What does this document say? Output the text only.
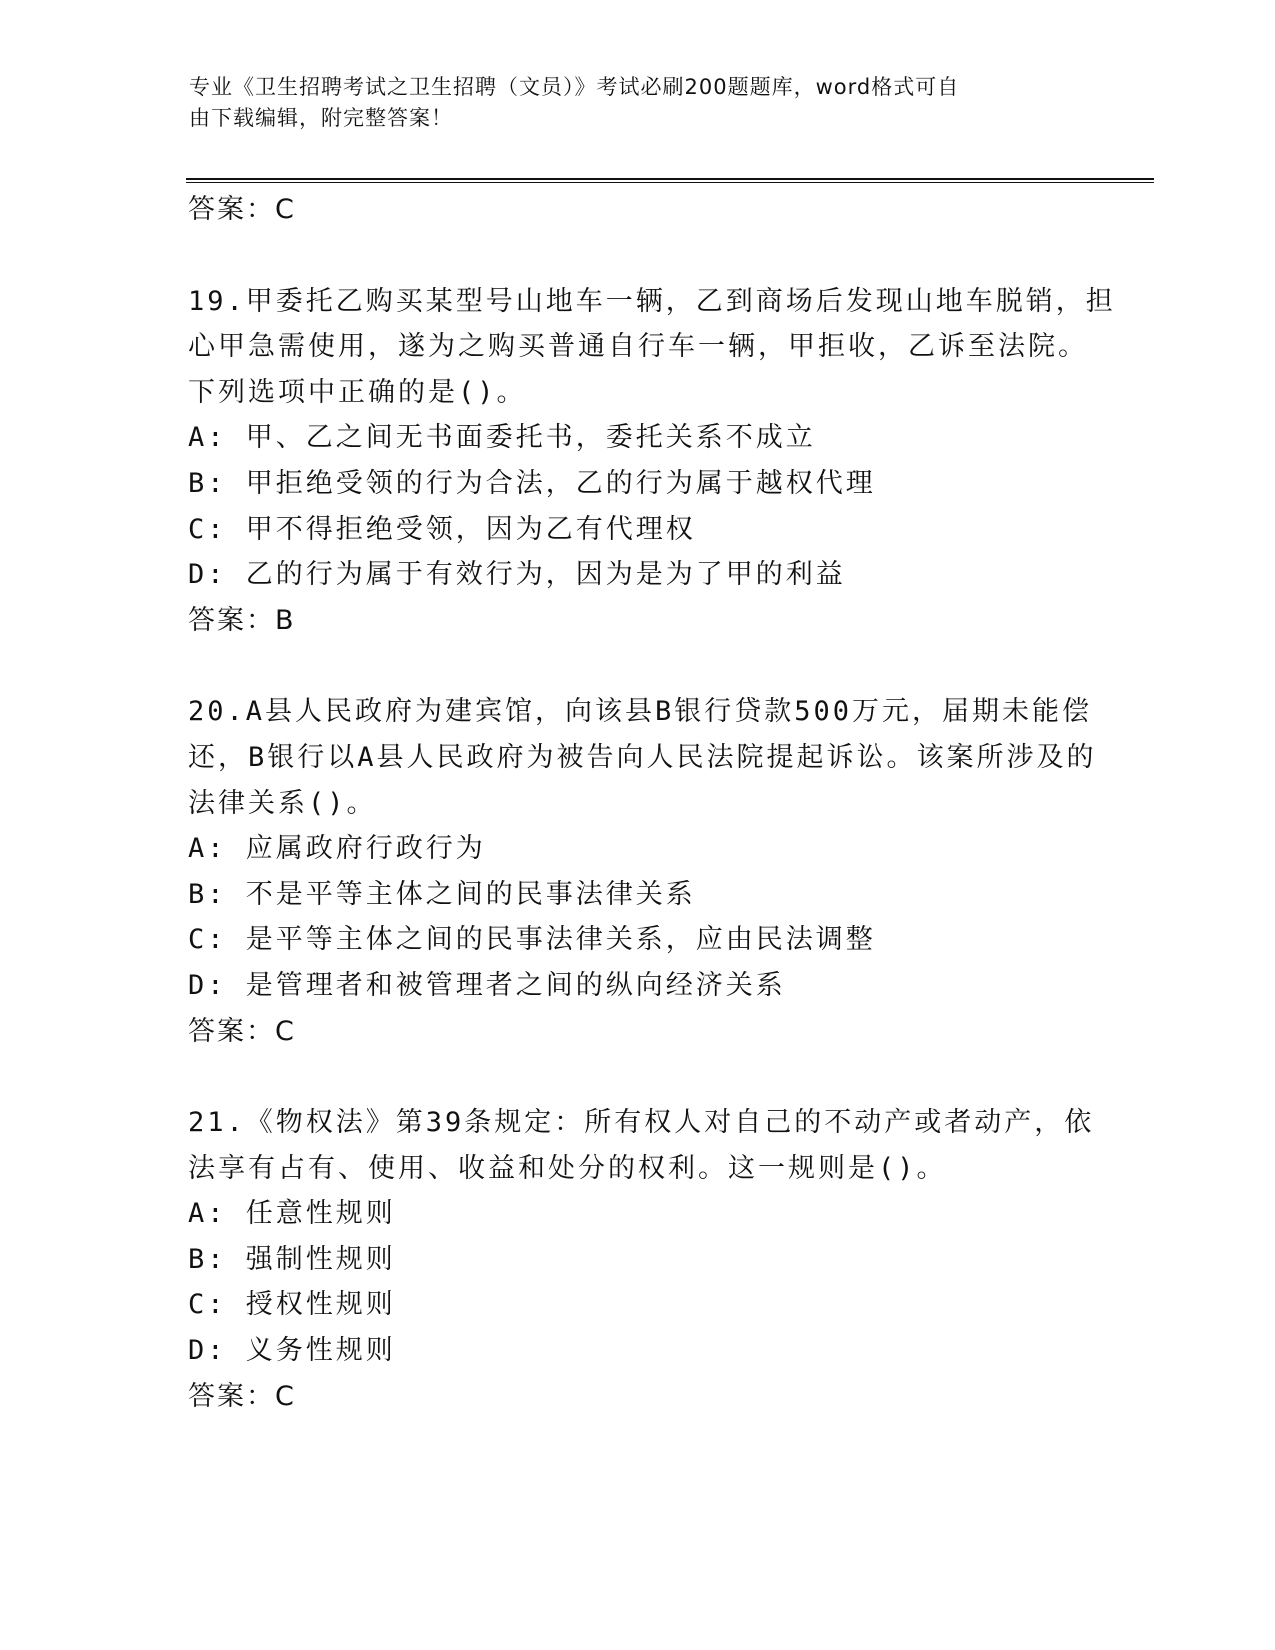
专业《卫生招聘考试之卫生招聘（文员）》考试必刷200题题库，word格式可自
由下载编辑，附完整答案！
答案：C
19.甲委托乙购买某型号山地车一辆，乙到商场后发现山地车脱销，担
心甲急需使用，遂为之购买普通自行车一辆，甲拒收，乙诉至法院。
下列选项中正确的是()。
A: 甲、乙之间无书面委托书，委托关系不成立
B: 甲拒绝受领的行为合法，乙的行为属于越权代理
C: 甲不得拒绝受领，因为乙有代理权
D: 乙的行为属于有效行为，因为是为了甲的利益
答案：B
20.A县人民政府为建宾馆，向该县B银行贷款500万元，届期未能偿
还，B银行以A县人民政府为被告向人民法院提起诉讼。该案所涉及的
法律关系()。
A: 应属政府行政行为
B: 不是平等主体之间的民事法律关系
C: 是平等主体之间的民事法律关系，应由民法调整
D: 是管理者和被管理者之间的纵向经济关系
答案：C
21.《物权法》第39条规定：所有权人对自己的不动产或者动产，依
法享有占有、使用、收益和处分的权利。这一规则是()。
A: 任意性规则
B: 强制性规则
C: 授权性规则
D: 义务性规则
答案：C
